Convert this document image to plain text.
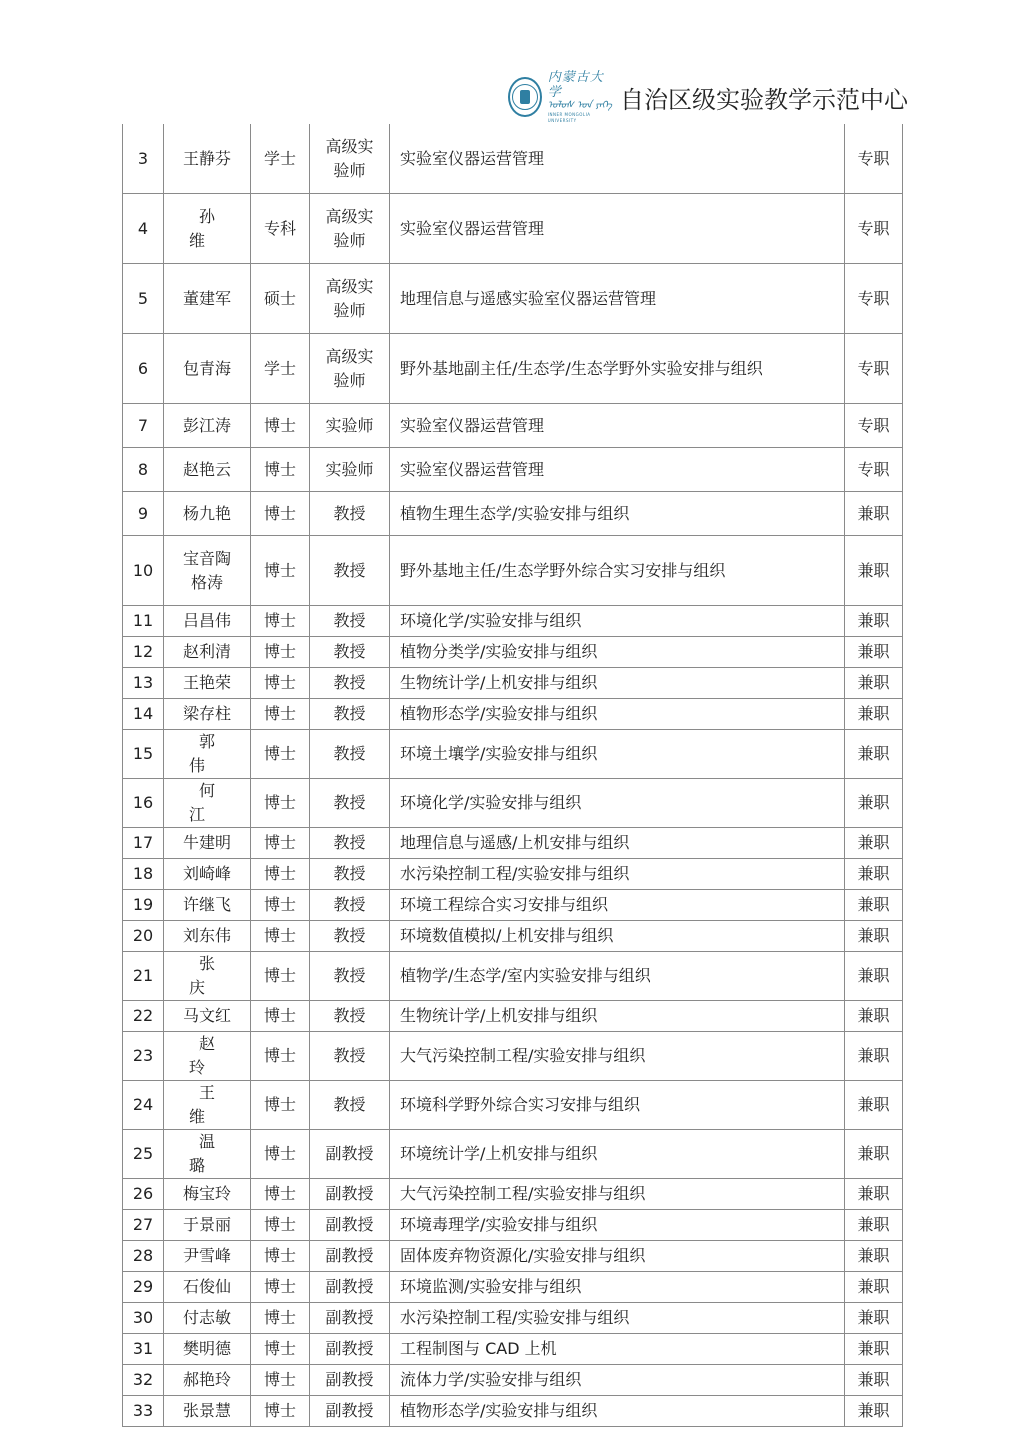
内蒙古大学
ᠤᠯᠤᠰ ᠤᠨ ᠶᠡᠬᠡ
INNER MONGOLIA UNIVERSITY
自治区级实验教学示范中心
3	王静芬	学士	高级实验师	实验室仪器运营管理	专职
4	孙维	专科	高级实验师	实验室仪器运营管理	专职
5	董建军	硕士	高级实验师	地理信息与遥感实验室仪器运营管理	专职
6	包青海	学士	高级实验师	野外基地副主任/生态学/生态学野外实验安排与组织	专职
7	彭江涛	博士	实验师	实验室仪器运营管理	专职
8	赵艳云	博士	实验师	实验室仪器运营管理	专职
9	杨九艳	博士	教授	植物生理生态学/实验安排与组织	兼职
10	宝音陶格涛	博士	教授	野外基地主任/生态学野外综合实习安排与组织	兼职
11	吕昌伟	博士	教授	环境化学/实验安排与组织	兼职
12	赵利清	博士	教授	植物分类学/实验安排与组织	兼职
13	王艳荣	博士	教授	生物统计学/上机安排与组织	兼职
14	梁存柱	博士	教授	植物形态学/实验安排与组织	兼职
15	郭伟	博士	教授	环境土壤学/实验安排与组织	兼职
16	何江	博士	教授	环境化学/实验安排与组织	兼职
17	牛建明	博士	教授	地理信息与遥感/上机安排与组织	兼职
18	刘崎峰	博士	教授	水污染控制工程/实验安排与组织	兼职
19	许继飞	博士	教授	环境工程综合实习安排与组织	兼职
20	刘东伟	博士	教授	环境数值模拟/上机安排与组织	兼职
21	张庆	博士	教授	植物学/生态学/室内实验安排与组织	兼职
22	马文红	博士	教授	生物统计学/上机安排与组织	兼职
23	赵玲	博士	教授	大气污染控制工程/实验安排与组织	兼职
24	王维	博士	教授	环境科学野外综合实习安排与组织	兼职
25	温璐	博士	副教授	环境统计学/上机安排与组织	兼职
26	梅宝玲	博士	副教授	大气污染控制工程/实验安排与组织	兼职
27	于景丽	博士	副教授	环境毒理学/实验安排与组织	兼职
28	尹雪峰	博士	副教授	固体废弃物资源化/实验安排与组织	兼职
29	石俊仙	博士	副教授	环境监测/实验安排与组织	兼职
30	付志敏	博士	副教授	水污染控制工程/实验安排与组织	兼职
31	樊明德	博士	副教授	工程制图与 CAD 上机	兼职
32	郝艳玲	博士	副教授	流体力学/实验安排与组织	兼职
33	张景慧	博士	副教授	植物形态学/实验安排与组织	兼职
